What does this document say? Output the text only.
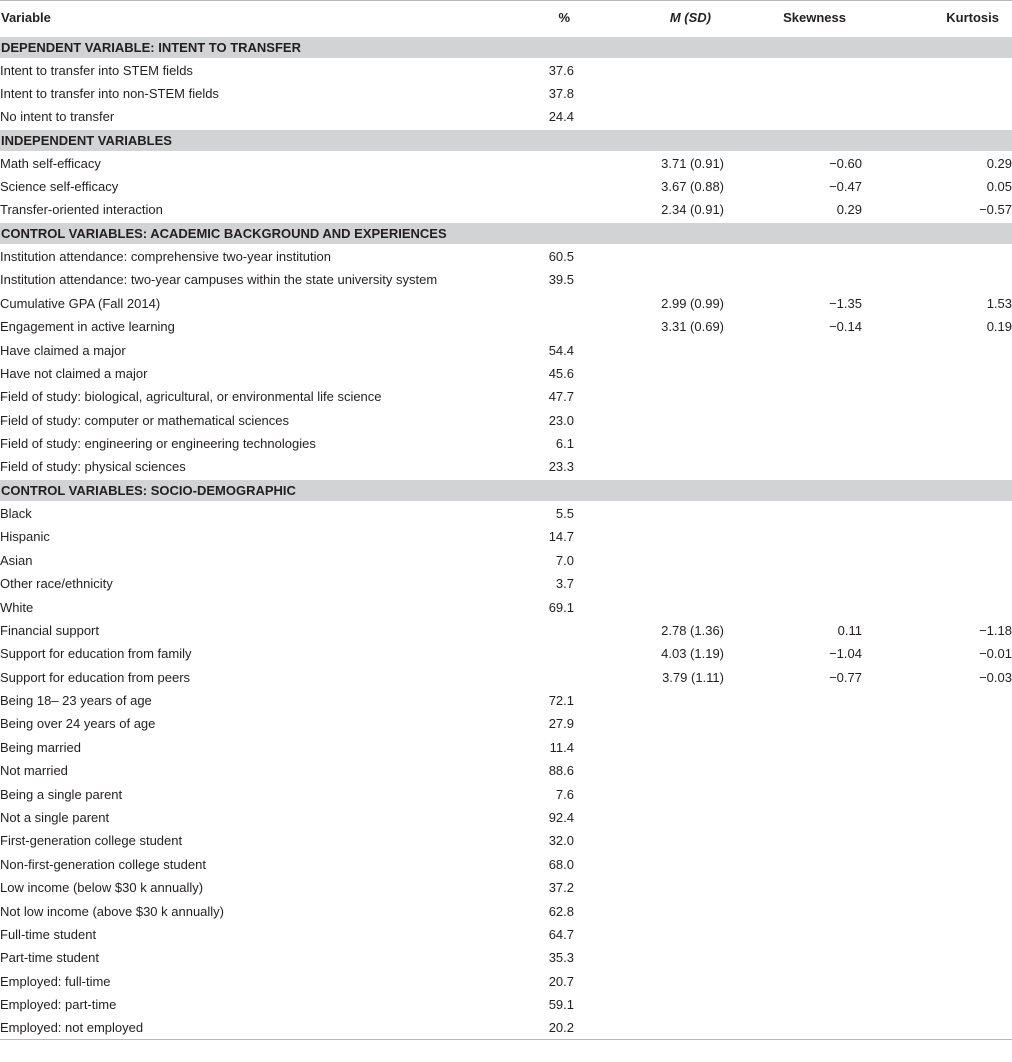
Variable	%	M (SD)	Skewness	Kurtosis
DEPENDENT VARIABLE: INTENT TO TRANSFER				
Intent to transfer into STEM fields	37.6			
Intent to transfer into non-STEM fields	37.8			
No intent to transfer	24.4			
INDEPENDENT VARIABLES				
Math self-efficacy		3.71 (0.91)	−0.60	0.29
Science self-efficacy		3.67 (0.88)	−0.47	0.05
Transfer-oriented interaction		2.34 (0.91)	0.29	−0.57
CONTROL VARIABLES: ACADEMIC BACKGROUND AND EXPERIENCES				
Institution attendance: comprehensive two-year institution	60.5			
Institution attendance: two-year campuses within the state university system	39.5			
Cumulative GPA (Fall 2014)		2.99 (0.99)	−1.35	1.53
Engagement in active learning		3.31 (0.69)	−0.14	0.19
Have claimed a major	54.4			
Have not claimed a major	45.6			
Field of study: biological, agricultural, or environmental life science	47.7			
Field of study: computer or mathematical sciences	23.0			
Field of study: engineering or engineering technologies	6.1			
Field of study: physical sciences	23.3			
CONTROL VARIABLES: SOCIO-DEMOGRAPHIC				
Black	5.5			
Hispanic	14.7			
Asian	7.0			
Other race/ethnicity	3.7			
White	69.1			
Financial support		2.78 (1.36)	0.11	−1.18
Support for education from family		4.03 (1.19)	−1.04	−0.01
Support for education from peers		3.79 (1.11)	−0.77	−0.03
Being 18– 23 years of age	72.1			
Being over 24 years of age	27.9			
Being married	11.4			
Not married	88.6			
Being a single parent	7.6			
Not a single parent	92.4			
First-generation college student	32.0			
Non-first-generation college student	68.0			
Low income (below $30 k annually)	37.2			
Not low income (above $30 k annually)	62.8			
Full-time student	64.7			
Part-time student	35.3			
Employed: full-time	20.7			
Employed: part-time	59.1			
Employed: not employed	20.2			
